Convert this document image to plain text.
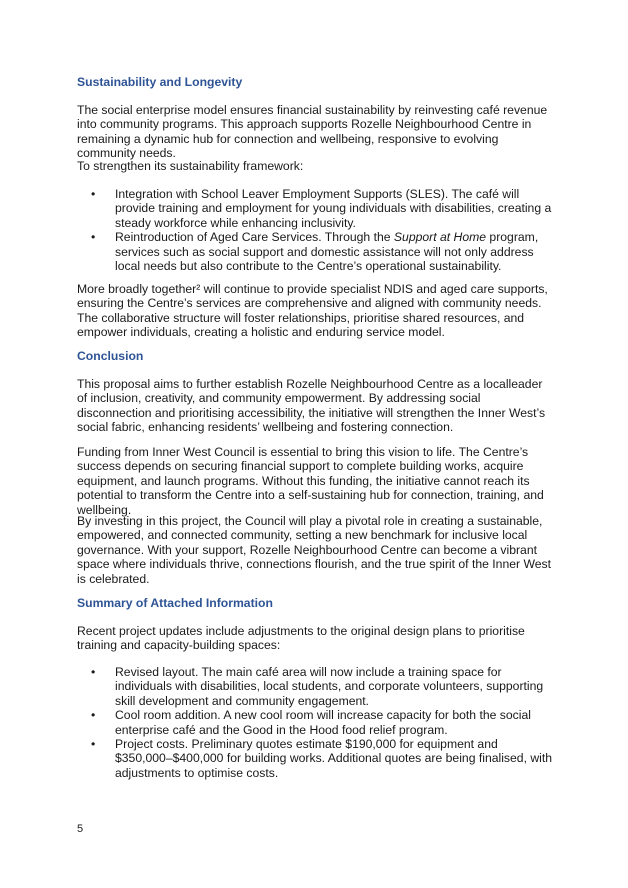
Sustainability and Longevity

The social enterprise model ensures financial sustainability by reinvesting café revenue into community programs. This approach supports Rozelle Neighbourhood Centre in remaining a dynamic hub for connection and wellbeing, responsive to evolving community needs.

To strengthen its sustainability framework:

• Integration with School Leaver Employment Supports (SLES). The café will provide training and employment for young individuals with disabilities, creating a steady workforce while enhancing inclusivity.
• Reintroduction of Aged Care Services. Through the Support at Home program, services such as social support and domestic assistance will not only address local needs but also contribute to the Centre’s operational sustainability.

More broadly together² will continue to provide specialist NDIS and aged care supports, ensuring the Centre’s services are comprehensive and aligned with community needs. The collaborative structure will foster relationships, prioritise shared resources, and empower individuals, creating a holistic and enduring service model.

Conclusion

This proposal aims to further establish Rozelle Neighbourhood Centre as a localleader of inclusion, creativity, and community empowerment. By addressing social disconnection and prioritising accessibility, the initiative will strengthen the Inner West’s social fabric, enhancing residents’ wellbeing and fostering connection.

Funding from Inner West Council is essential to bring this vision to life. The Centre’s success depends on securing financial support to complete building works, acquire equipment, and launch programs. Without this funding, the initiative cannot reach its potential to transform the Centre into a self-sustaining hub for connection, training, and wellbeing.

By investing in this project, the Council will play a pivotal role in creating a sustainable, empowered, and connected community, setting a new benchmark for inclusive local governance. With your support, Rozelle Neighbourhood Centre can become a vibrant space where individuals thrive, connections flourish, and the true spirit of the Inner West is celebrated.

Summary of Attached Information

Recent project updates include adjustments to the original design plans to prioritise training and capacity-building spaces:

• Revised layout. The main café area will now include a training space for individuals with disabilities, local students, and corporate volunteers, supporting skill development and community engagement.
• Cool room addition. A new cool room will increase capacity for both the social enterprise café and the Good in the Hood food relief program.
• Project costs. Preliminary quotes estimate $190,000 for equipment and $350,000–$400,000 for building works. Additional quotes are being finalised, with adjustments to optimise costs.
5
